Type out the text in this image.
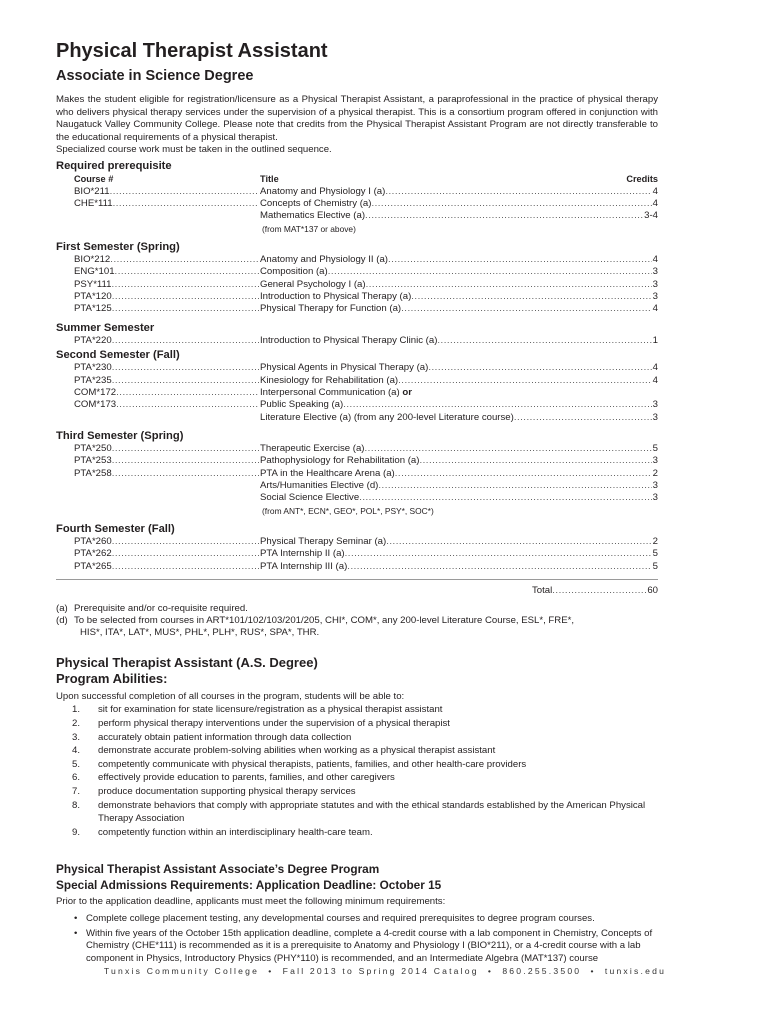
Physical Therapist Assistant
Associate in Science Degree

Makes the student eligible for registration/licensure as a Physical Therapist Assistant, a paraprofessional in the practice of physical therapy who delivers physical therapy services under the supervision of a physical therapist. This is a consortium program offered in conjunction with Naugatuck Valley Community College. Please note that credits from the Physical Therapist Assistant Program are not directly transferable to the educational requirements of a physical therapist.

Specialized course work must be taken in the outlined sequence.

Required prerequisite
Course #	Title	Credits
BIO*211 .....	Anatomy and Physiology I (a) .....	4
CHE*111 .....	Concepts of Chemistry (a) .....	4
Mathematics Elective (a) .....	3-4
(from MAT*137 or above)
First Semester (Spring)
BIO*212 .....	Anatomy and Physiology II (a) .....	4
ENG*101 .....	Composition (a) .....	3
PSY*111 .....	General Psychology I (a) .....	3
PTA*120 .....	Introduction to Physical Therapy (a) .....	3
PTA*125 .....	Physical Therapy for Function (a) .....	4
Summer Semester
PTA*220 .....	Introduction to Physical Therapy Clinic (a) .....	1
Second Semester (Fall)
PTA*230 .....	Physical Agents in Physical Therapy (a) .....	4
PTA*235 .....	Kinesiology for Rehabilitation (a) .....	4
COM*172 .....	Interpersonal Communication (a) or
COM*173 .....	Public Speaking (a) .....	3
Literature Elective (a) (from any 200-level Literature course) .....	3
Third Semester (Spring)
PTA*250 .....	Therapeutic Exercise (a) .....	5
PTA*253 .....	Pathophysiology for Rehabilitation (a) .....	3
PTA*258 .....	PTA in the Healthcare Arena (a) .....	2
Arts/Humanities Elective (d) .....	3
Social Science Elective .....	3
(from ANT*, ECN*, GEO*, POL*, PSY*, SOC*)
Fourth Semester (Fall)
PTA*260 .....	Physical Therapy Seminar (a) .....	2
PTA*262 .....	PTA Internship II (a) .....	5
PTA*265 .....	PTA Internship III (a) .....	5
Total .....	60
(a) Prerequisite and/or co-requisite required.
(d) To be selected from courses in ART*101/102/103/201/205, CHI*, COM*, any 200-level Literature Course, ESL*, FRE*,
HIS*, ITA*, LAT*, MUS*, PHL*, PLH*, RUS*, SPA*, THR.
Physical Therapist Assistant (A.S. Degree)
Program Abilities:

Upon successful completion of all courses in the program, students will be able to:

1. sit for examination for state licensure/registration as a physical therapist assistant
2. perform physical therapy interventions under the supervision of a physical therapist
3. accurately obtain patient information through data collection
4. demonstrate accurate problem-solving abilities when working as a physical therapist assistant
5. competently communicate with physical therapists, patients, families, and other health-care providers
6. effectively provide education to parents, families, and other caregivers
7. produce documentation supporting physical therapy services
8. demonstrate behaviors that comply with appropriate statutes and with the ethical standards established by the American Physical Therapy Association
9. competently function within an interdisciplinary health-care team.
Physical Therapist Assistant Associate’s Degree Program
Special Admissions Requirements: Application Deadline: October 15

Prior to the application deadline, applicants must meet the following minimum requirements:

• Complete college placement testing, any developmental courses and required prerequisites to degree program courses.
• Within five years of the October 15th application deadline, complete a 4-credit course with a lab component in Chemistry, Concepts of Chemistry (CHE*111) is recommended as it is a prerequisite to Anatomy and Physiology I (BIO*211), or a 4-credit course with a lab component in Physics, Introductory Physics (PHY*110) is recommended, and an Intermediate Algebra (MAT*137) course
Tunxis Community College  •  Fall 2013 to Spring 2014 Catalog  •  860.255.3500  •  tunxis.edu
